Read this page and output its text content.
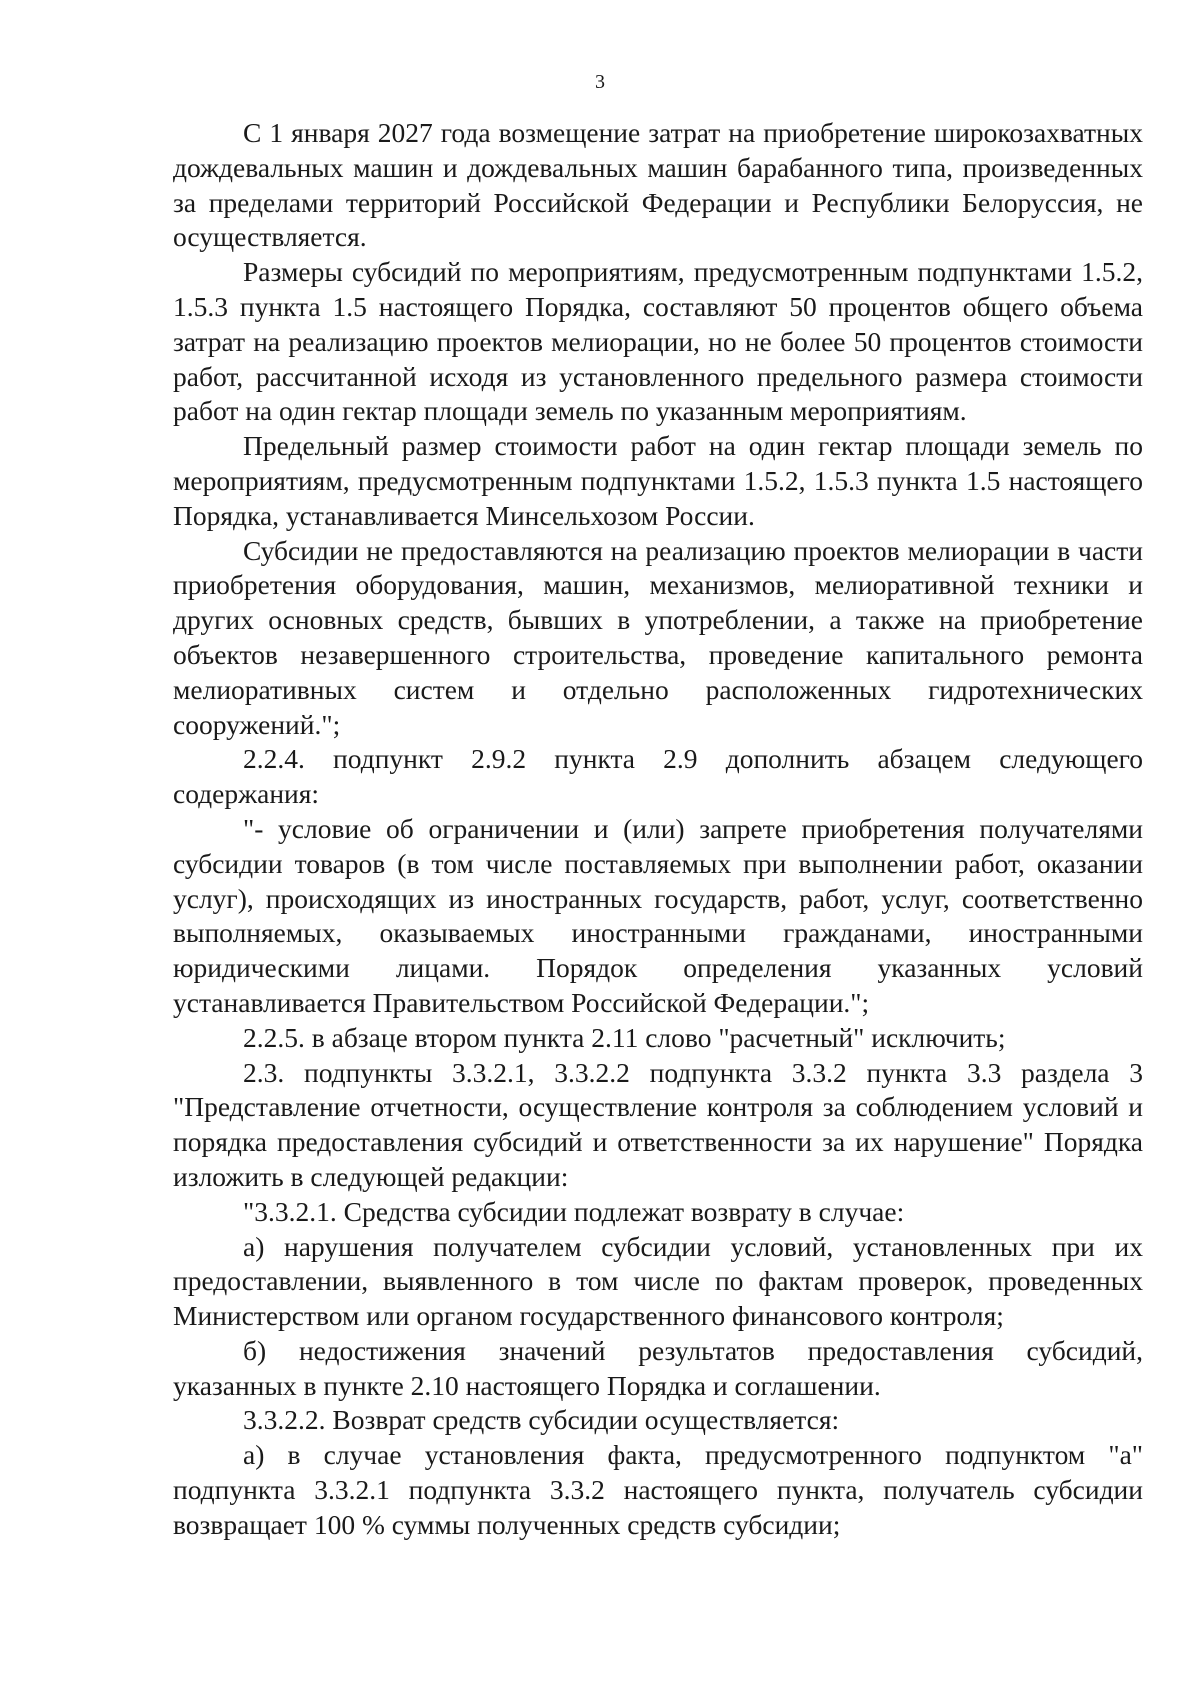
3

С 1 января 2027 года возмещение затрат на приобретение широкозахватных дождевальных машин и дождевальных машин барабанного типа, произведенных за пределами территорий Российской Федерации и Республики Белоруссия, не осуществляется.

Размеры субсидий по мероприятиям, предусмотренным подпунктами 1.5.2, 1.5.3 пункта 1.5 настоящего Порядка, составляют 50 процентов общего объема затрат на реализацию проектов мелиорации, но не более 50 процентов стоимости работ, рассчитанной исходя из установленного предельного размера стоимости работ на один гектар площади земель по указанным мероприятиям.

Предельный размер стоимости работ на один гектар площади земель по мероприятиям, предусмотренным подпунктами 1.5.2, 1.5.3 пункта 1.5 настоящего Порядка, устанавливается Минсельхозом России.

Субсидии не предоставляются на реализацию проектов мелиорации в части приобретения оборудования, машин, механизмов, мелиоративной техники и других основных средств, бывших в употреблении, а также на приобретение объектов незавершенного строительства, проведение капитального ремонта мелиоративных систем и отдельно расположенных гидротехнических сооружений.";

2.2.4. подпункт 2.9.2 пункта 2.9 дополнить абзацем следующего содержания:

"- условие об ограничении и (или) запрете приобретения получателями субсидии товаров (в том числе поставляемых при выполнении работ, оказании услуг), происходящих из иностранных государств, работ, услуг, соответственно выполняемых, оказываемых иностранными гражданами, иностранными юридическими лицами. Порядок определения указанных условий устанавливается Правительством Российской Федерации.";

2.2.5. в абзаце втором пункта 2.11 слово "расчетный" исключить;

2.3. подпункты 3.3.2.1, 3.3.2.2 подпункта 3.3.2 пункта 3.3 раздела 3 "Представление отчетности, осуществление контроля за соблюдением условий и порядка предоставления субсидий и ответственности за их нарушение" Порядка изложить в следующей редакции:

"3.3.2.1. Средства субсидии подлежат возврату в случае:

а) нарушения получателем субсидии условий, установленных при их предоставлении, выявленного в том числе по фактам проверок, проведенных Министерством или органом государственного финансового контроля;

б) недостижения значений результатов предоставления субсидий, указанных в пункте 2.10 настоящего Порядка и соглашении.

3.3.2.2. Возврат средств субсидии осуществляется:

а) в случае установления факта, предусмотренного подпунктом "а" подпункта 3.3.2.1 подпункта 3.3.2 настоящего пункта, получатель субсидии возвращает 100 % суммы полученных средств субсидии;
